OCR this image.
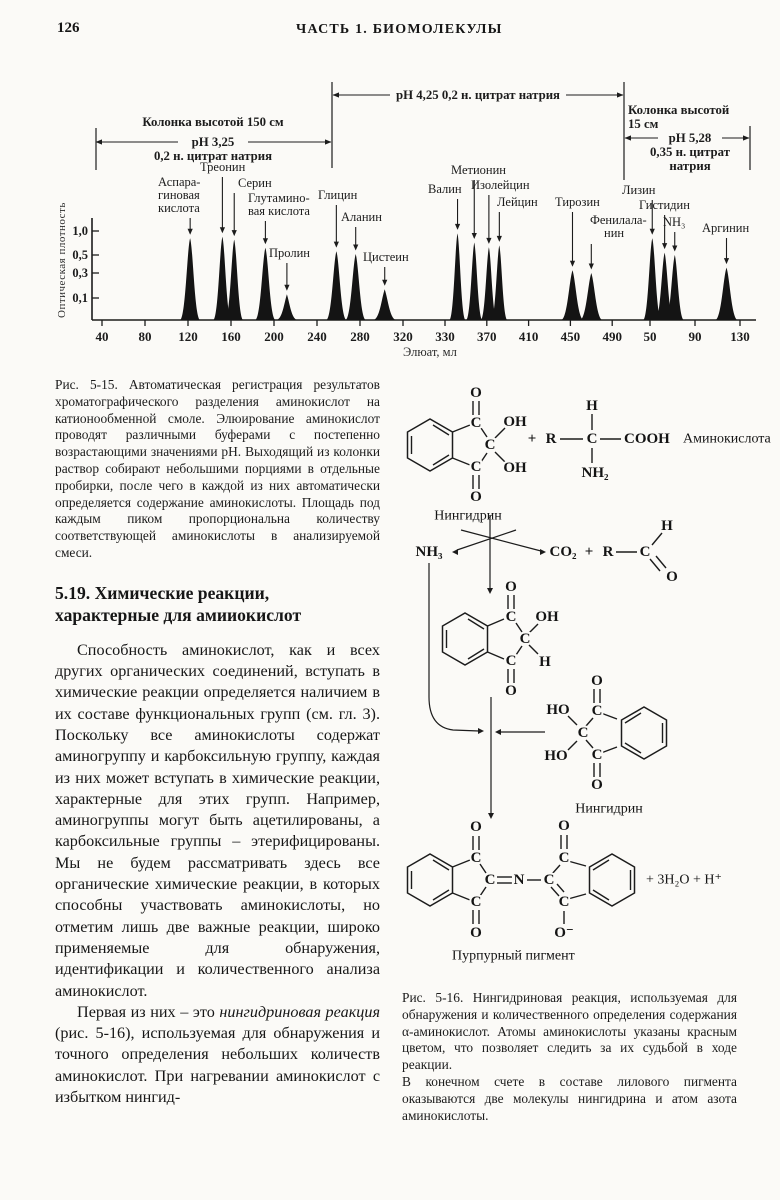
126	ЧАСТЬ 1. БИОМОЛЕКУЛЫ
1,0
0,5
0,3
0,1
Оптическая плотность
40 80 120 160 200 240 280 320 330 370 410 450 490 50 90 130
Элюат, мл
Колонка высотой 150 см
pH 3,25
0,2 н. цитрат натрия
pH 4,25 0,2 н. цитрат натрия
Колонка высотой
15 см
pH 5,28
0,35 н. цитрат
натрия
Аспара-
гиновая
кислота
Треонин
Серин
Глутамино-
вая кислота
Пролин
Глицин
Аланин
Цистеин
Валин
Метионин
Изолейцин
Лейцин Тирозин
Фенилала-
нин
Лизин
Гистидин
NH₃ Аргинин
Рис. 5-15. Автоматическая регистрация результатов хроматографического разделения аминокислот на катионообменной смоле. Элюирование аминокислот проводят различными буферами с постепенно возрастающими значениями pH. Выходящий из колонки раствор собирают небольшими порциями в отдельные пробирки, после чего в каждой из них автоматически определяется содержание аминокислоты. Площадь под каждым пиком пропорциональна количеству соответствующей аминокислоты в анализируемой смеси.
5.19. Химические реакции,
характерные для амииокислот

Способность аминокислот, как и всех других органических соединений, вступать в химические реакции определяется наличием в их составе функциональных групп (см. гл. 3). Поскольку все аминокислоты содержат аминогруппу и карбоксильную группу, каждая из них может вступать в химические реакции, характерные для этих групп. Например, аминогруппы могут быть ацетилированы, а карбоксильные группы – этерифицированы. Мы не будем рассматривать здесь все органические химические реакции, в которых способны участвовать аминокислоты, но отметим лишь две важные реакции, широко применяемые для обнаружения, идентификации и количественного анализа аминокислот.

Первая из них – это нингидриновая реакция (рис. 5-16), используемая для обнаружения и точного определения небольших количеств аминокислот. При нагревании аминокислот с избытком нингид-

C
C
C
O
O
OH
OH
+ R C
H
NH₂
NH₃	CO₂ + R C
H
O
C
C
C
O
O
OH
H
HO
HO
C
C
C
O
O
C
C
C
O
O
N C
C
C
O
O⁻
COOH
Нингидрин
Аминокислота
Нингидрин
+ 3H₂O + H⁺
Пурпурный пигмент
Рис. 5-16. Нингидриновая реакция, используемая для обнаружения и количественного определения содержания α-аминокислот. Атомы аминокислоты указаны красным цветом, что позволяет следить за их судьбой в ходе реакции.
В конечном счете в составе лилового пигмента оказываются две молекулы нингидрина и атом азота аминокислоты.
